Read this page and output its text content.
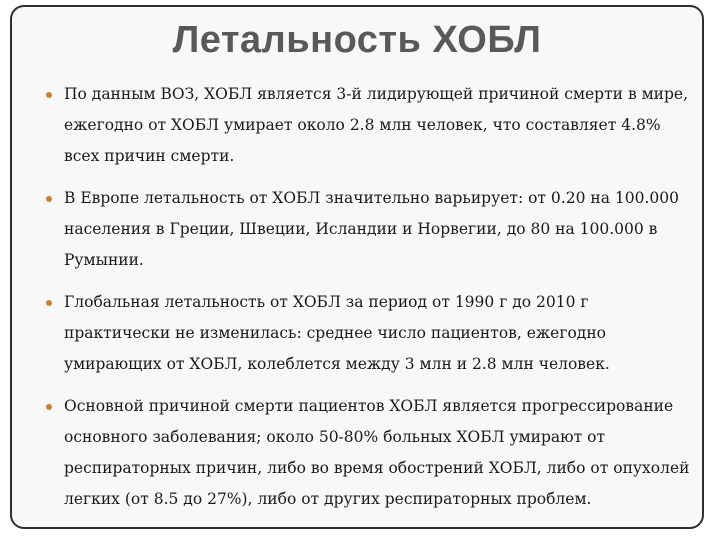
Летальность ХОБЛ
По данным ВОЗ, ХОБЛ является 3-й лидирующей причиной смерти в мире, ежегодно от ХОБЛ умирает около 2.8 млн человек, что составляет 4.8% всех причин смерти.
В Европе летальность от ХОБЛ значительно варьирует: от 0.20 на 100.000 населения в Греции, Швеции, Исландии и Норвегии, до 80 на 100.000 в Румынии.
Глобальная летальность от ХОБЛ за период от 1990 г до 2010 г практически не изменилась: среднее число пациентов, ежегодно умирающих от ХОБЛ, колеблется между 3 млн и 2.8 млн человек.
Основной причиной смерти пациентов ХОБЛ является прогрессирование основного заболевания; около 50-80% больных ХОБЛ умирают от респираторных причин, либо во время обострений ХОБЛ, либо от опухолей легких (от 8.5 до 27%), либо от других респираторных проблем.
